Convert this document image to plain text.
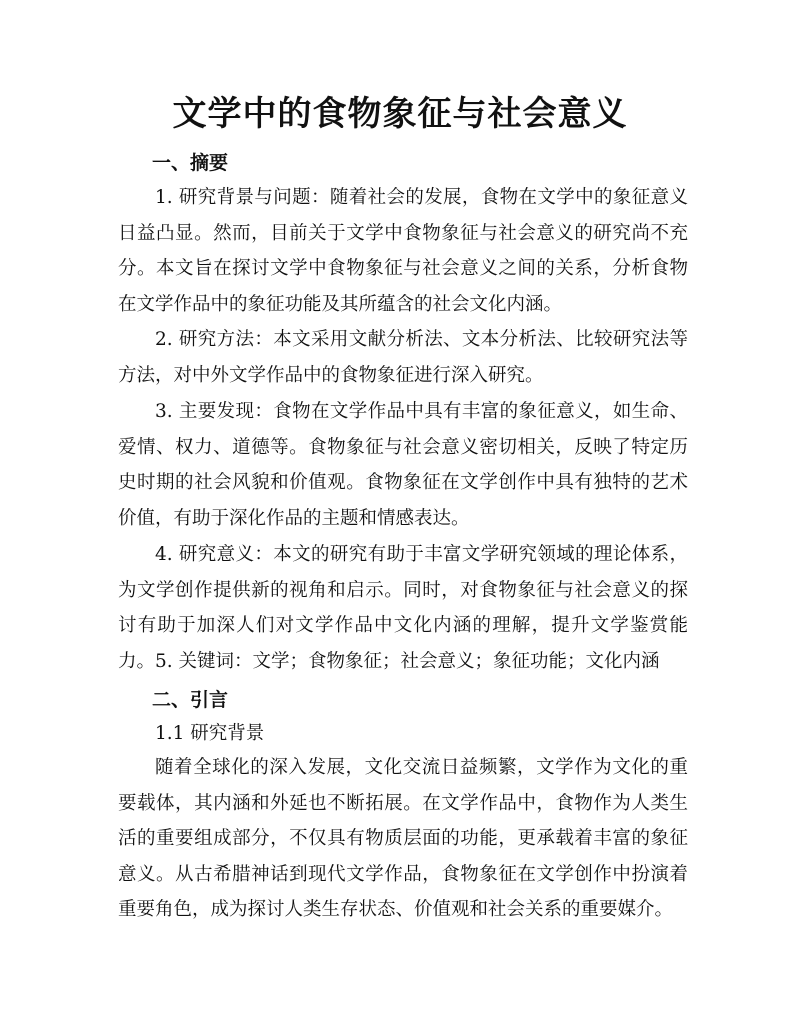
文学中的食物象征与社会意义
一、摘要

1. 研究背景与问题：随着社会的发展，食物在文学中的象征意义日益凸显。然而，目前关于文学中食物象征与社会意义的研究尚不充分。本文旨在探讨文学中食物象征与社会意义之间的关系，分析食物在文学作品中的象征功能及其所蕴含的社会文化内涵。

2. 研究方法：本文采用文献分析法、文本分析法、比较研究法等方法，对中外文学作品中的食物象征进行深入研究。

3. 主要发现：食物在文学作品中具有丰富的象征意义，如生命、爱情、权力、道德等。食物象征与社会意义密切相关，反映了特定历史时期的社会风貌和价值观。食物象征在文学创作中具有独特的艺术价值，有助于深化作品的主题和情感表达。

4. 研究意义：本文的研究有助于丰富文学研究领域的理论体系，为文学创作提供新的视角和启示。同时，对食物象征与社会意义的探讨有助于加深人们对文学作品中文化内涵的理解，提升文学鉴赏能力。 5. 关键词：文学；食物象征；社会意义；象征功能；文化内涵

二、引言
1.1 研究背景

随着全球化的深入发展，文化交流日益频繁，文学作为文化的重要载体，其内涵和外延也不断拓展。在文学作品中，食物作为人类生活的重要组成部分，不仅具有物质层面的功能，更承载着丰富的象征意义。从古希腊神话到现代文学作品，食物象征在文学创作中扮演着重要角色，成为探讨人类生存状态、价值观和社会关系的重要媒介。
